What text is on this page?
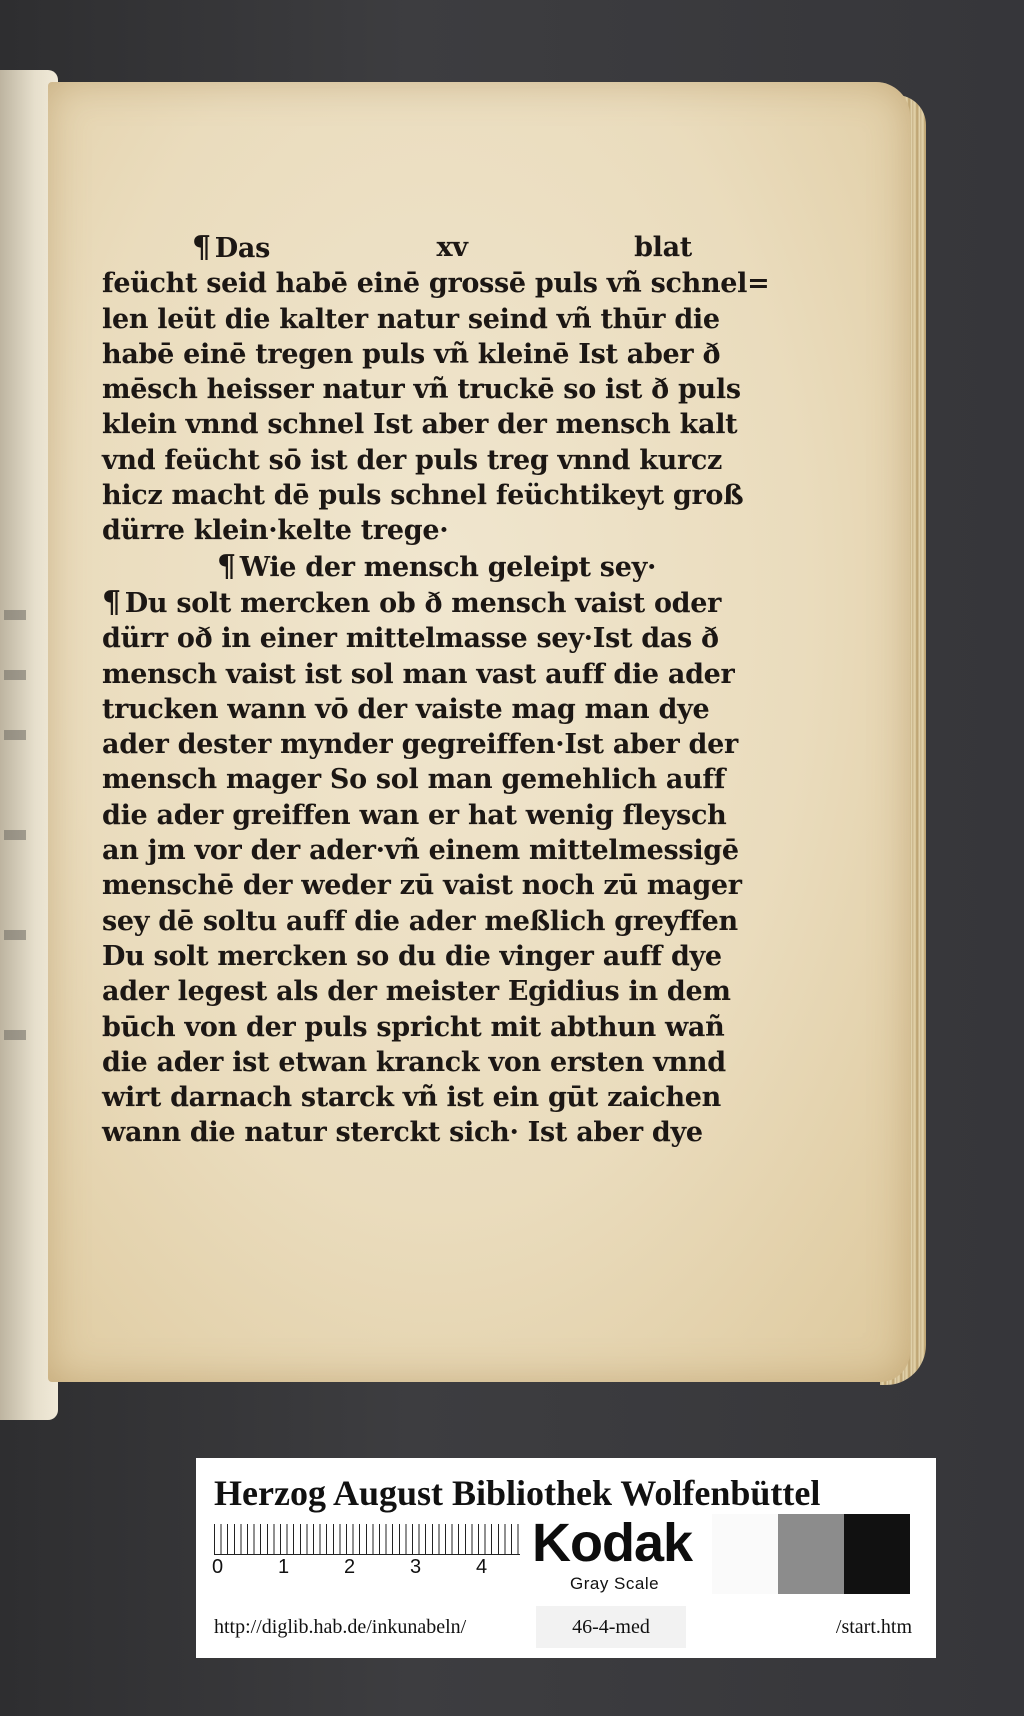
¶ Das	xv	blat
feücht seid habē einē grossē puls vñ schnel=
len leüt die kalter natur seind vñ thūr die
habē einē tregen puls vñ kleinē Ist aber ð
mēsch heisser natur vñ truckē so ist ð puls
klein vnnd schnel Ist aber der mensch kalt
vnd feücht sō ist der puls treg vnnd kurcz
hicz macht dē puls schnel feüchtikeyt groß
dürre klein·kelte trege·
¶ Wie der mensch geleipt sey·
¶ Du solt mercken ob ð mensch vaist oder
dürr oð in einer mittelmasse sey·Ist das ð
mensch vaist ist sol man vast auff die ader
trucken wann vō der vaiste mag man dye
ader dester mynder gegreiffen·Ist aber der
mensch mager So sol man gemehlich auff
die ader greiffen wan er hat wenig fleysch
an jm vor der ader·vñ einem mittelmessigē
menschē der weder zū vaist noch zū mager
sey dē soltu auff die ader meßlich greyffen
Du solt mercken so du die vinger auff dye
ader legest als der meister Egidius in dem
būch von der puls spricht mit abthun wañ
die ader ist etwan kranck von ersten vnnd
wirt darnach starck vñ ist ein gūt zaichen
wann die natur sterckt sich· Ist aber dye
Herzog August Bibliothek Wolfenbüttel
0	1	2	3	4 Kodak
Gray Scale
http://diglib.hab.de/inkunabeln/	46-4-med	/start.htm
